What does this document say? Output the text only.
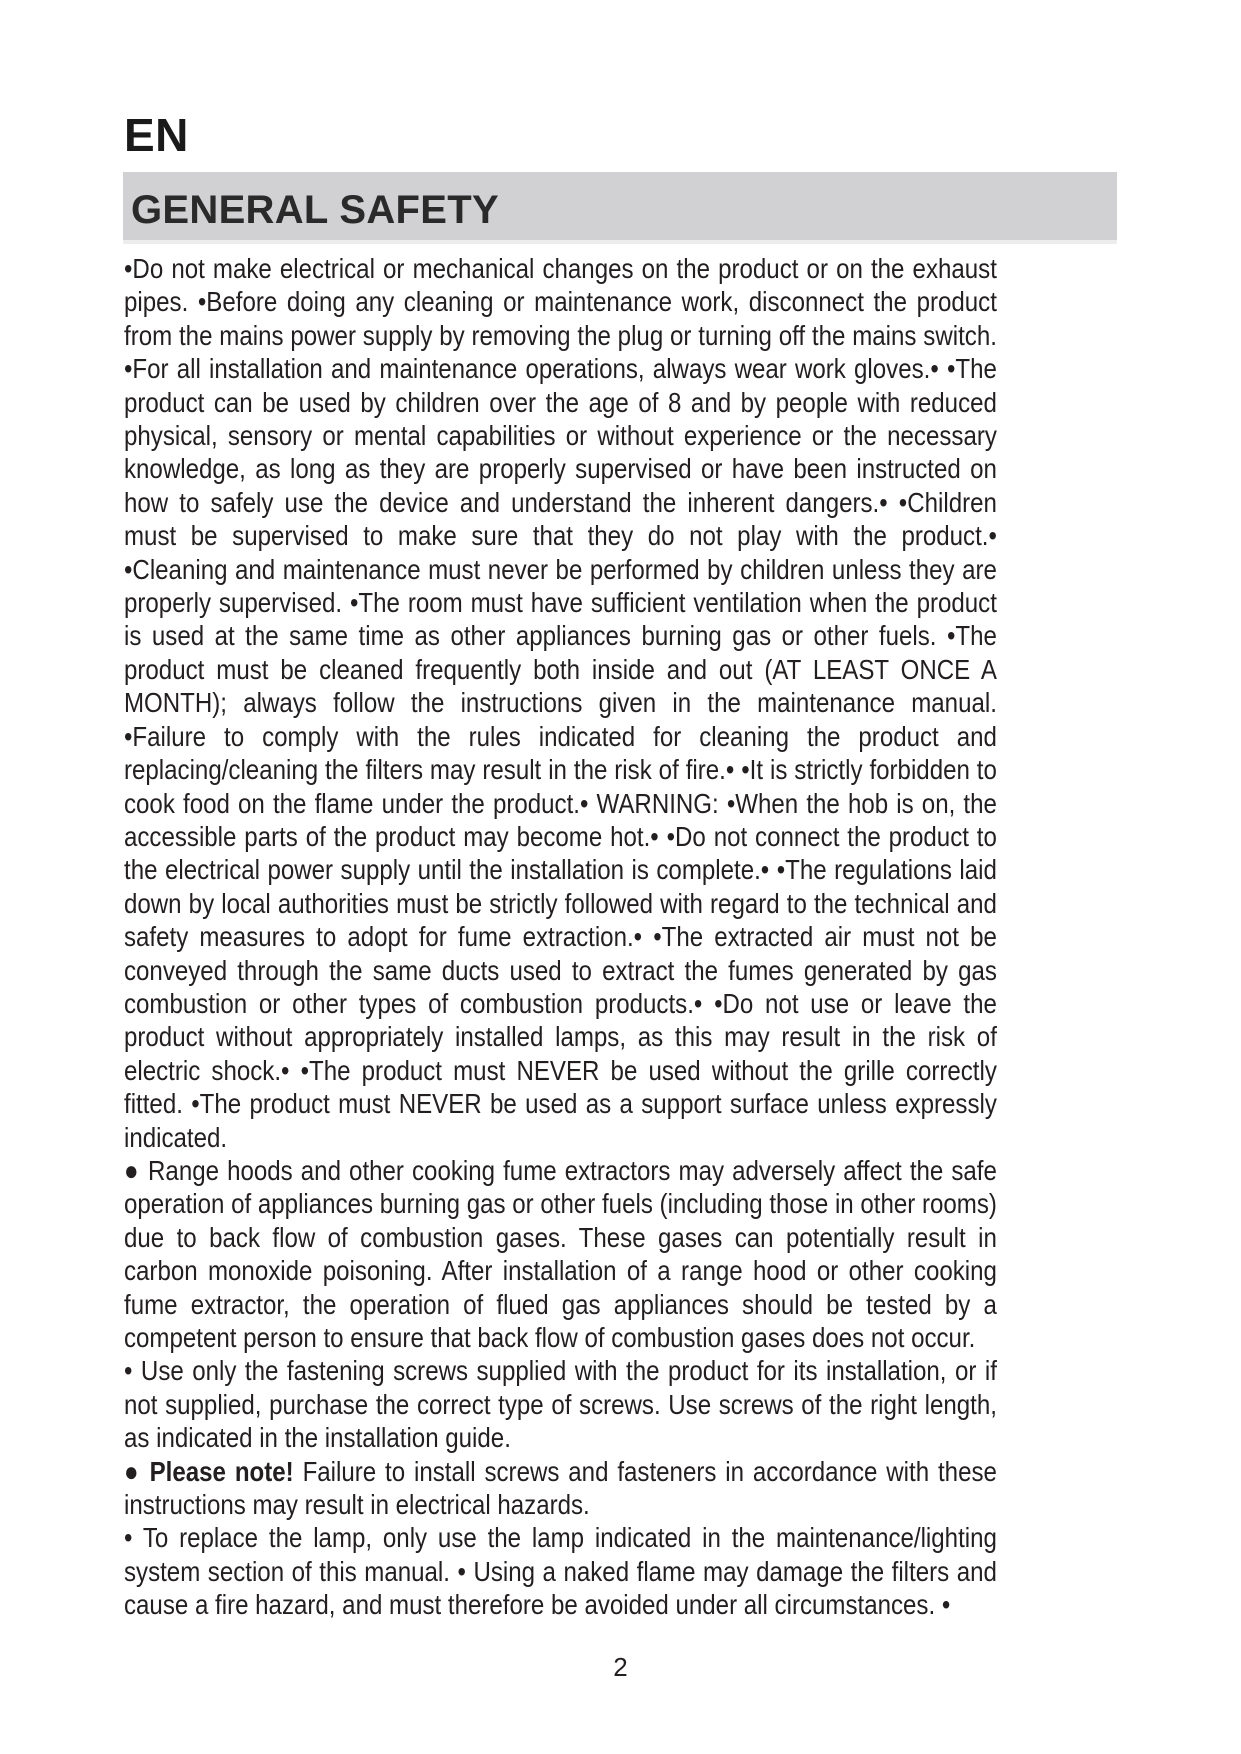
EN
GENERAL SAFETY

•Do not make electrical or mechanical changes on the product or on the exhaust pipes. •Before doing any cleaning or maintenance work, disconnect the product from the mains power supply by removing the plug or turning off the mains switch. •For all installation and maintenance operations, always wear work gloves.• •The product can be used by children over the age of 8 and by people with reduced physical, sensory or mental capabilities or without experience or the necessary knowledge, as long as they are properly supervised or have been instructed on how to safely use the device and understand the inherent dangers.• •Children must be supervised to make sure that they do not play with the product.• •Cleaning and maintenance must never be performed by children unless they are properly supervised. •The room must have sufficient ventilation when the product is used at the same time as other appliances burning gas or other fuels. •The product must be cleaned frequently both inside and out (AT LEAST ONCE A MONTH); always follow the instructions given in the maintenance manual. •Failure to comply with the rules indicated for cleaning the product and replacing/cleaning the filters may result in the risk of fire.• •It is strictly forbidden to cook food on the flame under the product.• WARNING: •When the hob is on, the accessible parts of the product may become hot.• •Do not connect the product to the electrical power supply until the installation is complete.• •The regulations laid down by local authorities must be strictly followed with regard to the technical and safety measures to adopt for fume extraction.• •The extracted air must not be conveyed through the same ducts used to extract the fumes generated by gas combustion or other types of combustion products.• •Do not use or leave the product without appropriately installed lamps, as this may result in the risk of electric shock.• •The product must NEVER be used without the grille correctly fitted. •The product must NEVER be used as a support surface unless expressly indicated.

● Range hoods and other cooking fume extractors may adversely affect the safe operation of appliances burning gas or other fuels (including those in other rooms) due to back flow of combustion gases. These gases can potentially result in carbon monoxide poisoning. After installation of a range hood or other cooking fume extractor, the operation of flued gas appliances should be tested by a competent person to ensure that back flow of combustion gases does not occur.

• Use only the fastening screws supplied with the product for its installation, or if not supplied, purchase the correct type of screws. Use screws of the right length, as indicated in the installation guide.

● Please note! Failure to install screws and fasteners in accordance with these instructions may result in electrical hazards.

• To replace the lamp, only use the lamp indicated in the maintenance/lighting system section of this manual. • Using a naked flame may damage the filters and cause a fire hazard, and must therefore be avoided under all circumstances. •

2
